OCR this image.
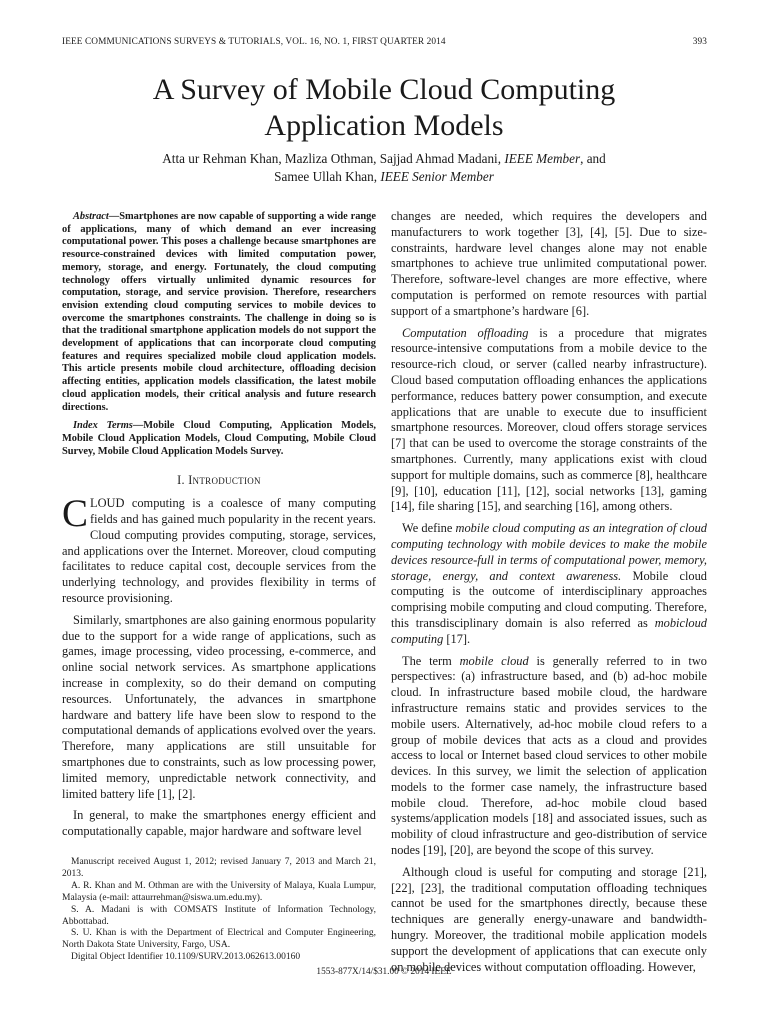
IEEE COMMUNICATIONS SURVEYS & TUTORIALS, VOL. 16, NO. 1, FIRST QUARTER 2014	393
A Survey of Mobile Cloud Computing
Application Models
Atta ur Rehman Khan, Mazliza Othman, Sajjad Ahmad Madani, IEEE Member, and
Samee Ullah Khan, IEEE Senior Member

Abstract—Smartphones are now capable of supporting a wide range of applications, many of which demand an ever increasing computational power. This poses a challenge because smartphones are resource-constrained devices with limited computation power, memory, storage, and energy. Fortunately, the cloud computing technology offers virtually unlimited dynamic resources for computation, storage, and service provision. Therefore, researchers envision extending cloud computing services to mobile devices to overcome the smartphones constraints. The challenge in doing so is that the traditional smartphone application models do not support the development of applications that can incorporate cloud computing features and requires specialized mobile cloud application models. This article presents mobile cloud architecture, offloading decision affecting entities, application models classification, the latest mobile cloud application models, their critical analysis and future research directions.

Index Terms—Mobile Cloud Computing, Application Models, Mobile Cloud Application Models, Cloud Computing, Mobile Cloud Survey, Mobile Cloud Application Models Survey.

I. Introduction

CLOUD computing is a coalesce of many computing fields and has gained much popularity in the recent years. Cloud computing provides computing, storage, services, and applications over the Internet. Moreover, cloud computing facilitates to reduce capital cost, decouple services from the underlying technology, and provides flexibility in terms of resource provisioning.

Similarly, smartphones are also gaining enormous popularity due to the support for a wide range of applications, such as games, image processing, video processing, e-commerce, and online social network services. As smartphone applications increase in complexity, so do their demand on computing resources. Unfortunately, the advances in smartphone hardware and battery life have been slow to respond to the computational demands of applications evolved over the years. Therefore, many applications are still unsuitable for smartphones due to constraints, such as low processing power, limited memory, unpredictable network connectivity, and limited battery life [1], [2].

In general, to make the smartphones energy efficient and computationally capable, major hardware and software level

Manuscript received August 1, 2012; revised January 7, 2013 and March 21, 2013.

A. R. Khan and M. Othman are with the University of Malaya, Kuala Lumpur, Malaysia (e-mail: attaurrehman@siswa.um.edu.my).

S. A. Madani is with COMSATS Institute of Information Technology, Abbottabad.

S. U. Khan is with the Department of Electrical and Computer Engineering, North Dakota State University, Fargo, USA.

Digital Object Identifier 10.1109/SURV.2013.062613.00160

changes are needed, which requires the developers and manufacturers to work together [3], [4], [5]. Due to size-constraints, hardware level changes alone may not enable smartphones to achieve true unlimited computational power. Therefore, software-level changes are more effective, where computation is performed on remote resources with partial support of a smartphone’s hardware [6].

Computation offloading is a procedure that migrates resource-intensive computations from a mobile device to the resource-rich cloud, or server (called nearby infrastructure). Cloud based computation offloading enhances the applications performance, reduces battery power consumption, and execute applications that are unable to execute due to insufficient smartphone resources. Moreover, cloud offers storage services [7] that can be used to overcome the storage constraints of the smartphones. Currently, many applications exist with cloud support for multiple domains, such as commerce [8], healthcare [9], [10], education [11], [12], social networks [13], gaming [14], file sharing [15], and searching [16], among others.

We define mobile cloud computing as an integration of cloud computing technology with mobile devices to make the mobile devices resource-full in terms of computational power, memory, storage, energy, and context awareness. Mobile cloud computing is the outcome of interdisciplinary approaches comprising mobile computing and cloud computing. Therefore, this transdisciplinary domain is also referred as mobicloud computing [17].

The term mobile cloud is generally referred to in two perspectives: (a) infrastructure based, and (b) ad-hoc mobile cloud. In infrastructure based mobile cloud, the hardware infrastructure remains static and provides services to the mobile users. Alternatively, ad-hoc mobile cloud refers to a group of mobile devices that acts as a cloud and provides access to local or Internet based cloud services to other mobile devices. In this survey, we limit the selection of application models to the former case namely, the infrastructure based mobile cloud. Therefore, ad-hoc mobile cloud based systems/application models [18] and associated issues, such as mobility of cloud infrastructure and geo-distribution of service nodes [19], [20], are beyond the scope of this survey.

Although cloud is useful for computing and storage [21], [22], [23], the traditional computation offloading techniques cannot be used for the smartphones directly, because these techniques are generally energy-unaware and bandwidth-hungry. Moreover, the traditional mobile application models support the development of applications that can execute only on mobile devices without computation offloading. However,

1553-877X/14/$31.00 © 2014 IEEE
